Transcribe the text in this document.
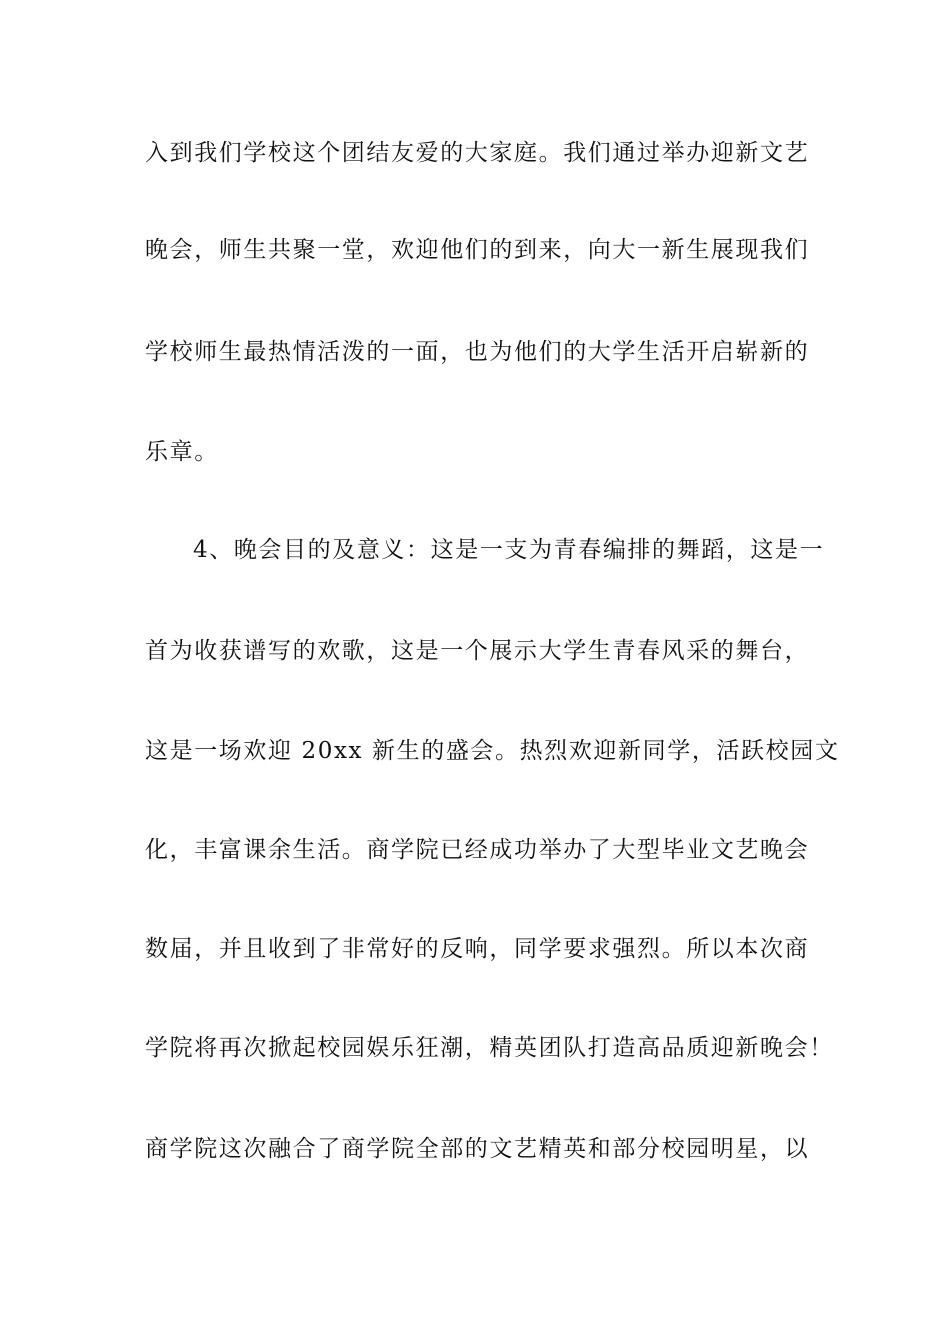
入到我们学校这个团结友爱的大家庭。我们通过举办迎新文艺

晚会，师生共聚一堂，欢迎他们的到来，向大一新生展现我们

学校师生最热情活泼的一面，也为他们的大学生活开启崭新的

乐章。

4、晚会目的及意义：这是一支为青春编排的舞蹈，这是一

首为收获谱写的欢歌，这是一个展示大学生青春风采的舞台，

这是一场欢迎 20xx 新生的盛会。热烈欢迎新同学，活跃校园文

化，丰富课余生活。商学院已经成功举办了大型毕业文艺晚会

数届，并且收到了非常好的反响，同学要求强烈。所以本次商

学院将再次掀起校园娱乐狂潮，精英团队打造高品质迎新晚会！

商学院这次融合了商学院全部的文艺精英和部分校园明星，以
